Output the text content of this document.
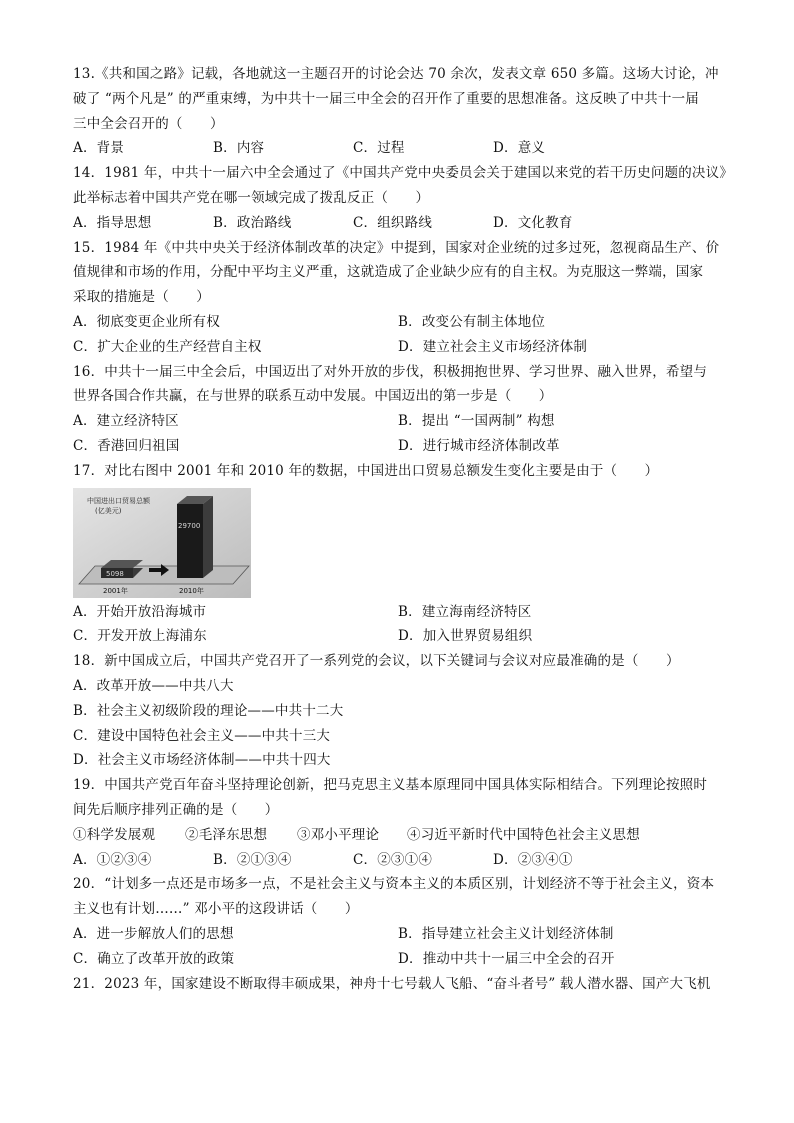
13.《共和国之路》记载，各地就这一主题召开的讨论会达 70 余次，发表文章 650 多篇。这场大讨论，冲
破了 “两个凡是” 的严重束缚，为中共十一届三中全会的召开作了重要的思想准备。这反映了中共十一届
三中全会召开的（　　）
A．背景	B．内容	C．过程	D．意义
14．1981 年，中共十一届六中全会通过了《中国共产党中央委员会关于建国以来党的若干历史问题的决议》
此举标志着中国共产党在哪一领域完成了拨乱反正（　　）
A．指导思想	B．政治路线	C．组织路线	D．文化教育
15．1984 年《中共中央关于经济体制改革的决定》中提到，国家对企业统的过多过死，忽视商品生产、价
值规律和市场的作用，分配中平均主义严重，这就造成了企业缺少应有的自主权。为克服这一弊端，国家
采取的措施是（　　）
A．彻底变更企业所有权	B．改变公有制主体地位
C．扩大企业的生产经营自主权	D．建立社会主义市场经济体制
16．中共十一届三中全会后，中国迈出了对外开放的步伐，积极拥抱世界、学习世界、融入世界，希望与
世界各国合作共赢，在与世界的联系互动中发展。中国迈出的第一步是（　　）
A．建立经济特区	B．提出 “一国两制” 构想
C．香港回归祖国	D．进行城市经济体制改革
17．对比右图中 2001 年和 2010 年的数据，中国进出口贸易总额发生变化主要是由于（　　）
中国进出口贸易总额
(亿美元)
5098
29700
2001年	2010年
A．开始开放沿海城市	B．建立海南经济特区
C．开发开放上海浦东	D．加入世界贸易组织
18．新中国成立后，中国共产党召开了一系列党的会议，以下关键词与会议对应最准确的是（　　）
A．改革开放——中共八大
B．社会主义初级阶段的理论——中共十二大
C．建设中国特色社会主义——中共十三大
D．社会主义市场经济体制——中共十四大
19．中国共产党百年奋斗坚持理论创新，把马克思主义基本原理同中国具体实际相结合。下列理论按照时
间先后顺序排列正确的是（　　）
①科学发展观	②毛泽东思想	③邓小平理论	④习近平新时代中国特色社会主义思想
A．①②③④	B．②①③④	C．②③①④	D．②③④①
20．“计划多一点还是市场多一点，不是社会主义与资本主义的本质区别，计划经济不等于社会主义，资本
主义也有计划……” 邓小平的这段讲话（　　）
A．进一步解放人们的思想	B．指导建立社会主义计划经济体制
C．确立了改革开放的政策	D．推动中共十一届三中全会的召开
21．2023 年，国家建设不断取得丰硕成果，神舟十七号载人飞船、“奋斗者号” 载人潜水器、国产大飞机
